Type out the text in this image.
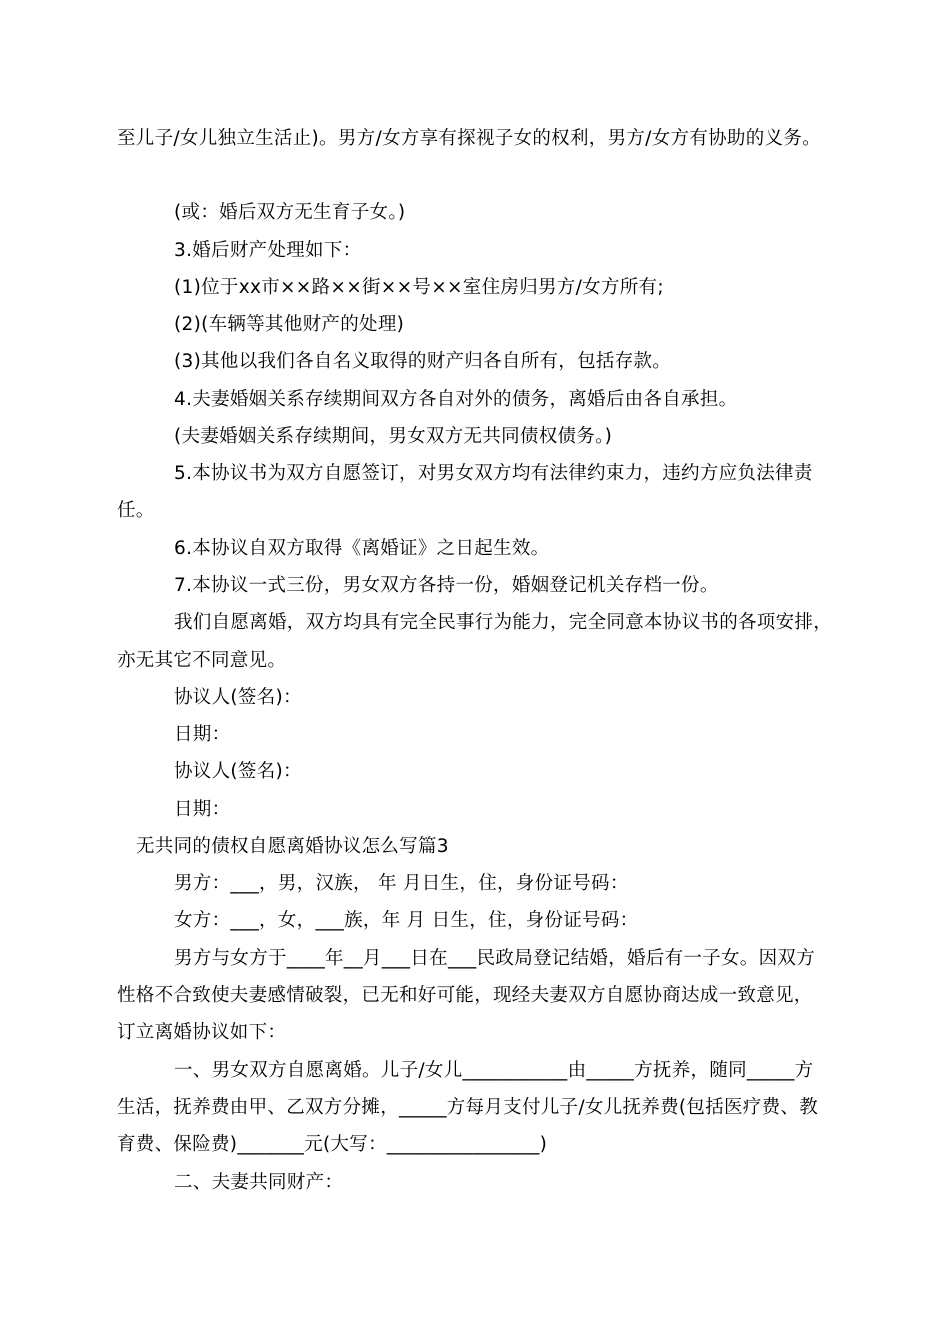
至儿子/女儿独立生活止)。男方/女方享有探视子女的权利，男方/女方有协助的义务。
(或：婚后双方无生育子女。)
3.婚后财产处理如下：
(1)位于xx市××路××街××号××室住房归男方/女方所有;
(2)(车辆等其他财产的处理)
(3)其他以我们各自名义取得的财产归各自所有，包括存款。
4.夫妻婚姻关系存续期间双方各自对外的债务，离婚后由各自承担。
(夫妻婚姻关系存续期间，男女双方无共同债权债务。)
5.本协议书为双方自愿签订，对男女双方均有法律约束力，违约方应负法律责
任。
6.本协议自双方取得《离婚证》之日起生效。
7.本协议一式三份，男女双方各持一份，婚姻登记机关存档一份。
我们自愿离婚，双方均具有完全民事行为能力，完全同意本协议书的各项安排，
亦无其它不同意见。
协议人(签名)：
日期：
协议人(签名)：
日期：
无共同的债权自愿离婚协议怎么写篇3
男方：___，男，汉族， 年 月日生，住，身份证号码：
女方：___，女，___族，年 月 日生，住，身份证号码：
男方与女方于____年__月___日在___民政局登记结婚，婚后有一子女。因双方
性格不合致使夫妻感情破裂，已无和好可能，现经夫妻双方自愿协商达成一致意见，
订立离婚协议如下：
一、男女双方自愿离婚。儿子/女儿___________由_____方抚养，随同_____方
生活，抚养费由甲、乙双方分摊，_____方每月支付儿子/女儿抚养费(包括医疗费、教
育费、保险费)_______元(大写：________________)
二、夫妻共同财产：
